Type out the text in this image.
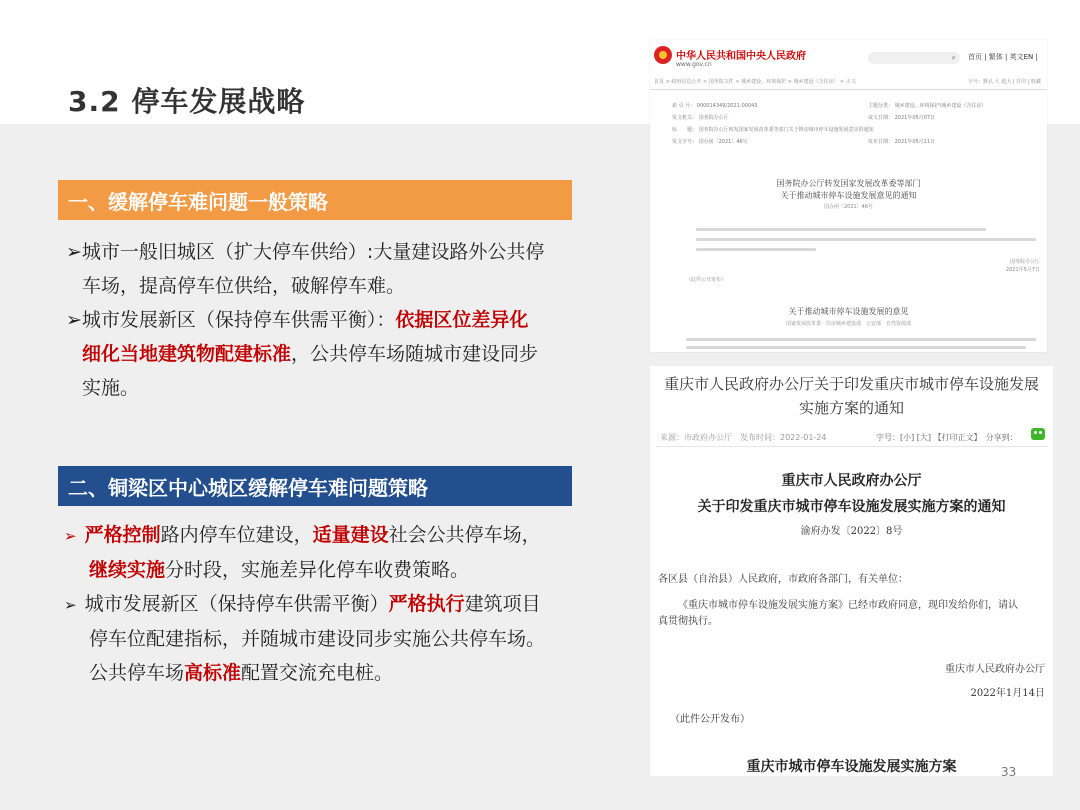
3.2 停车发展战略
一、缓解停车难问题一般策略
➢城市一般旧城区（扩大停车供给）:大量建设路外公共停
车场，提高停车位供给，破解停车难。
➢城市发展新区（保持停车供需平衡）：依据区位差异化
细化当地建筑物配建标准，公共停车场随城市建设同步
实施。
二、铜梁区中心城区缓解停车难问题策略
➢ 严格控制路内停车位建设，适量建设社会公共停车场，
继续实施分时段，实施差异化停车收费策略。
➢ 城市发展新区（保持停车供需平衡）严格执行建筑项目
停车位配建指标，并随城市建设同步实施公共停车场。
公共停车场高标准配置交流充电桩。
中华人民共和国中央人民政府
www.gov.cn
⌕ 首页 | 繁体 | 英文EN |
首页 > 政府信息公开 > 国务院文件 > 城乡建设、环境保护 > 城乡建设（含住房） > 正文	字号：默认 大 超大 | 打印 | 收藏
索 引 号： 000014349/2021-00043	主题分类： 城乡建设、环境保护\城乡建设（含住房）
发文机关： 国务院办公厅	成文日期： 2021年05月07日
标　　题： 国务院办公厅转发国家发展改革委等部门关于推动城市停车设施发展意见的通知
发文字号： 国办函〔2021〕46号	发布日期： 2021年05月21日
国务院办公厅转发国家发展改革委等部门
关于推动城市停车设施发展意见的通知
国办函〔2021〕46号
国务院办公厅
2021年5月7日
（此件公开发布）
关于推动城市停车设施发展的意见
国家发展改革委　住房城乡建设部　公安部　自然资源部
重庆市人民政府办公厅关于印发重庆市城市停车设施发展
实施方案的通知
来源：市政府办公厅　发布时间：2022-01-24	字号：[小] [大] 【打印正文】　分享到：
重庆市人民政府办公厅
关于印发重庆市城市停车设施发展实施方案的通知
渝府办发〔2022〕8号
各区县（自治县）人民政府，市政府各部门，有关单位：
《重庆市城市停车设施发展实施方案》已经市政府同意，现印发给你们，请认
真贯彻执行。
重庆市人民政府办公厅
2022年1月14日
（此件公开发布）
重庆市城市停车设施发展实施方案	33
